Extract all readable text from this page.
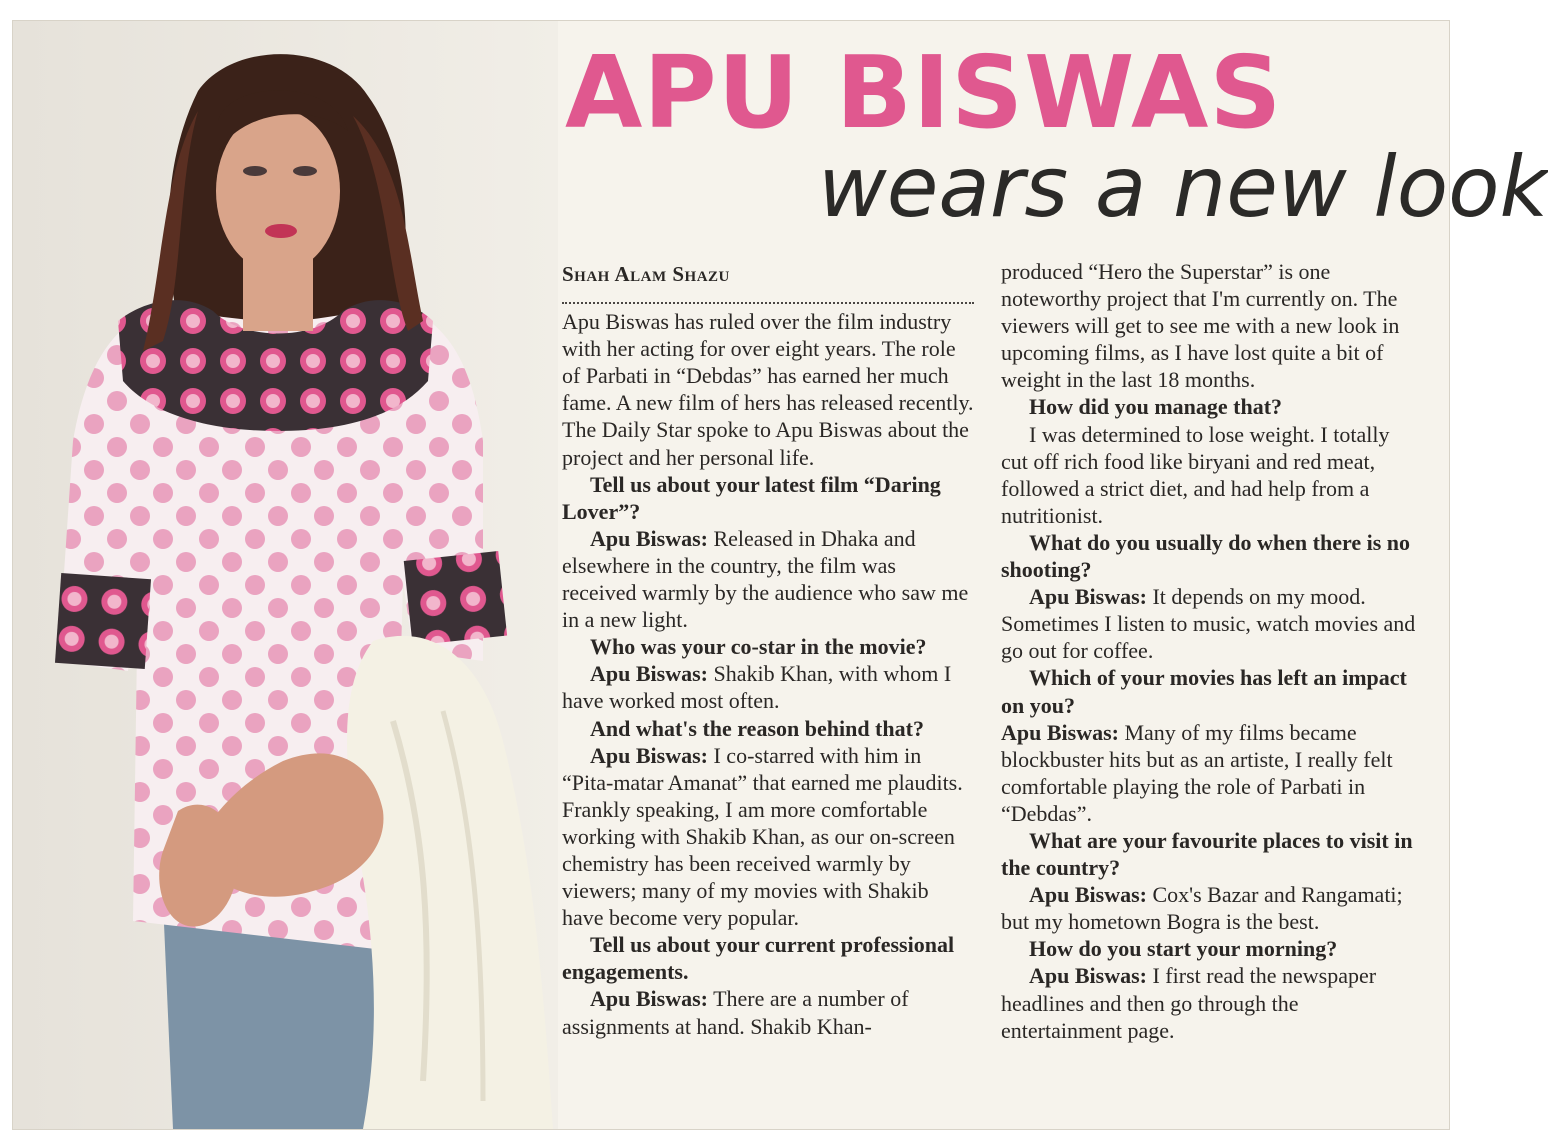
APU BISWAS
wears a new look

Shah Alam Shazu

Apu Biswas has ruled over the film industry with her acting for over eight years. The role of Parbati in “Debdas” has earned her much fame. A new film of hers has released recently. The Daily Star spoke to Apu Biswas about the project and her personal life.

Tell us about your latest film “Daring Lover”?

Apu Biswas: Released in Dhaka and elsewhere in the country, the film was received warmly by the audience who saw me in a new light.

Who was your co-star in the movie?

Apu Biswas: Shakib Khan, with whom I have worked most often.

And what's the reason behind that?

Apu Biswas: I co-starred with him in “Pita-matar Amanat” that earned me plaudits. Frankly speaking, I am more comfortable working with Shakib Khan, as our on-screen chemistry has been received warmly by viewers; many of my movies with Shakib have become very popular.

Tell us about your current professional engagements.

Apu Biswas: There are a number of assignments at hand. Shakib Khan-

produced “Hero the Superstar” is one noteworthy project that I'm currently on. The viewers will get to see me with a new look in upcoming films, as I have lost quite a bit of weight in the last 18 months.

How did you manage that?

I was determined to lose weight. I totally cut off rich food like biryani and red meat, followed a strict diet, and had help from a nutritionist.

What do you usually do when there is no shooting?

Apu Biswas: It depends on my mood. Sometimes I listen to music, watch movies and go out for coffee.

Which of your movies has left an impact on you?

Apu Biswas: Many of my films became blockbuster hits but as an artiste, I really felt comfortable playing the role of Parbati in “Debdas”.

What are your favourite places to visit in the country?

Apu Biswas: Cox's Bazar and Rangamati; but my hometown Bogra is the best.

How do you start your morning?

Apu Biswas: I first read the newspaper headlines and then go through the entertainment page.
